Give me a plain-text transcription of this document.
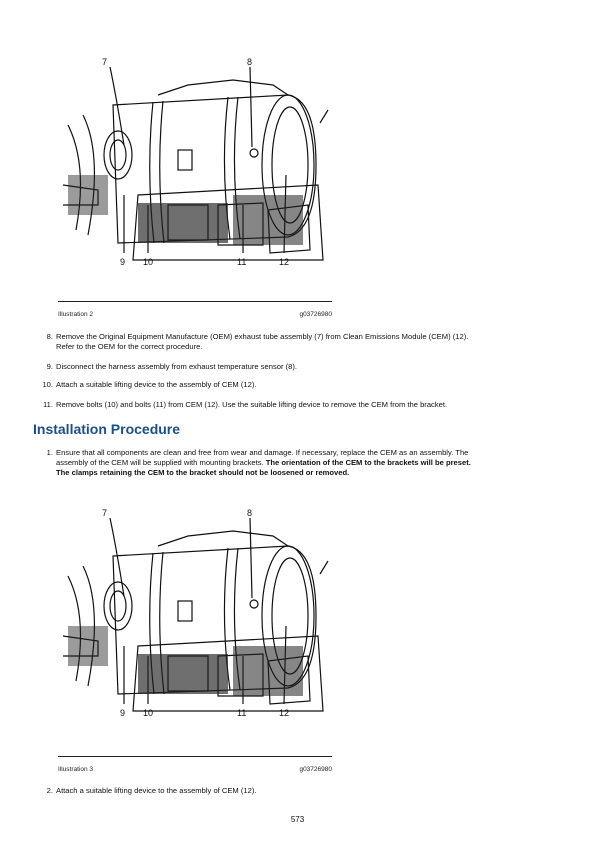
7	8
9 10	11	12
Illustration 2	g03726980
8. Remove the Original Equipment Manufacture (OEM) exhaust tube assembly (7) from Clean Emissions Module (CEM) (12).
Refer to the OEM for the correct procedure.
9. Disconnect the harness assembly from exhaust temperature sensor (8).
10. Attach a suitable lifting device to the assembly of CEM (12).
11. Remove bolts (10) and bolts (11) from CEM (12). Use the suitable lifting device to remove the CEM from the bracket.
Installation Procedure
1. Ensure that all components are clean and free from wear and damage. If necessary, replace the CEM as an assembly. The
assembly of the CEM will be supplied with mounting brackets. The orientation of the CEM to the brackets will be preset.
The clamps retaining the CEM to the bracket should not be loosened or removed.
7	8
9 10	11	12
Illustration 3	g03726980
2. Attach a suitable lifting device to the assembly of CEM (12).
573
